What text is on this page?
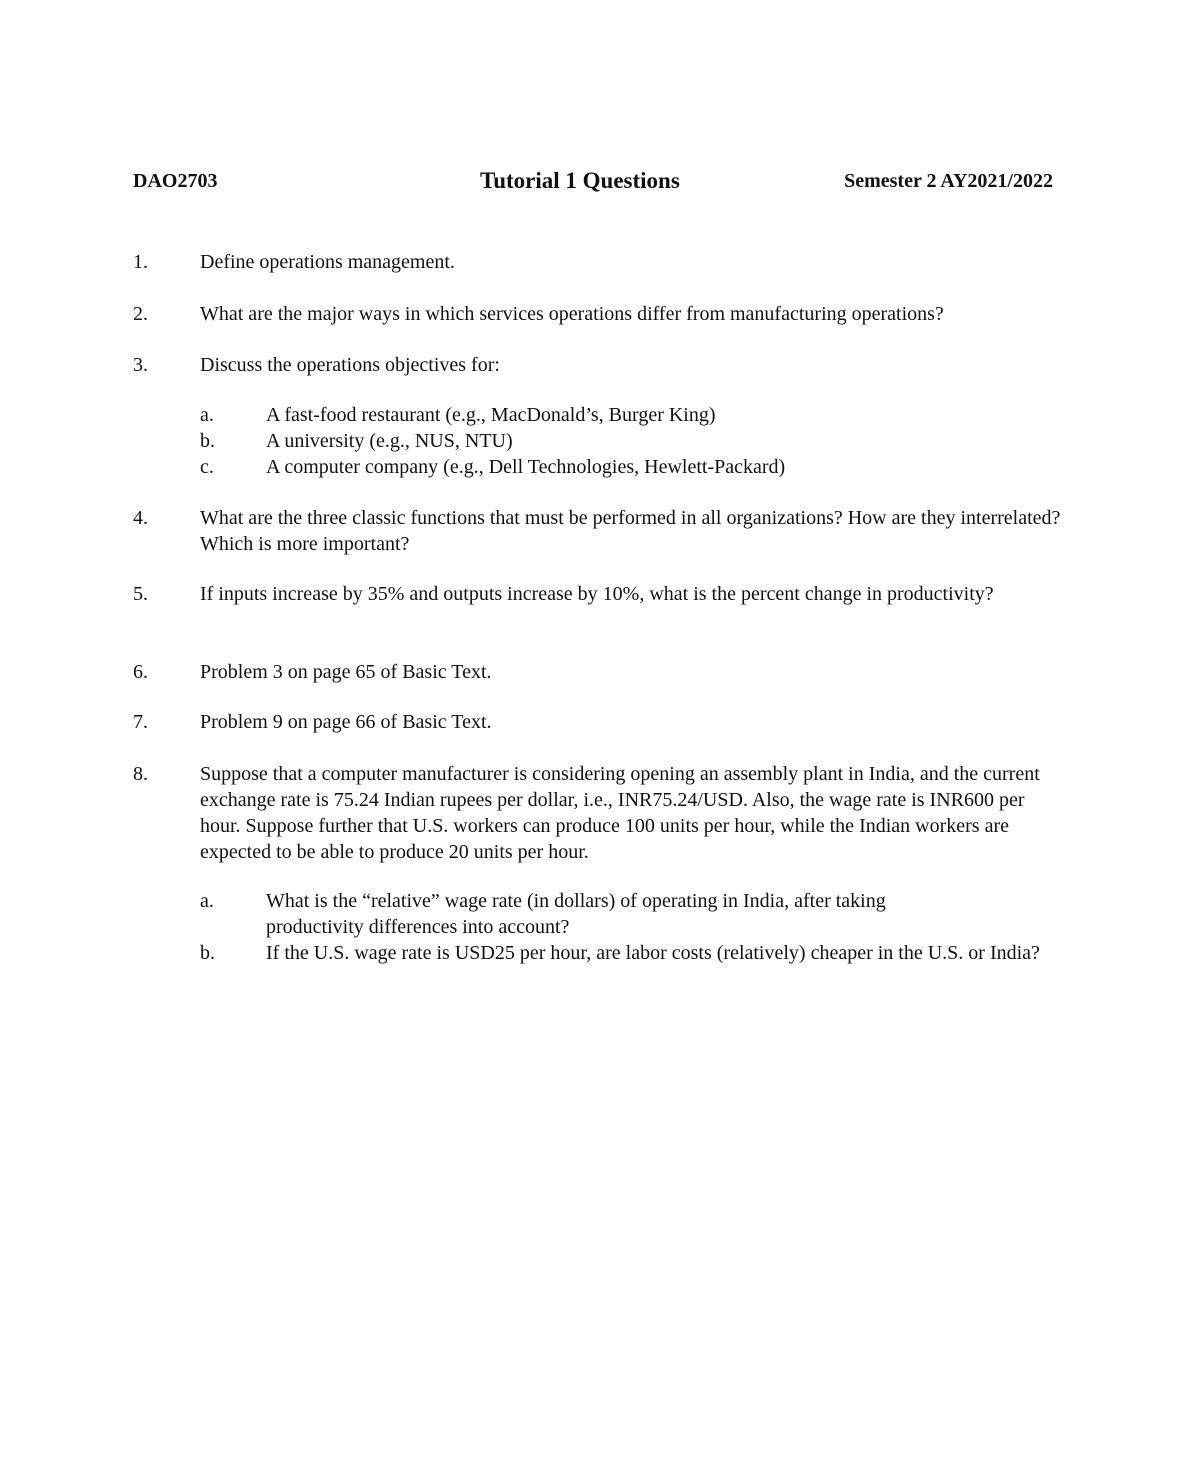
DAO2703	Tutorial 1 Questions	Semester 2 AY2021/2022
1.	Define operations management.
2.	What are the major ways in which services operations differ from manufacturing operations?
3.	Discuss the operations objectives for:
a.	A fast-food restaurant (e.g., MacDonald’s, Burger King)
b.	A university (e.g., NUS, NTU)
c.	A computer company (e.g., Dell Technologies, Hewlett-Packard)
4.	What are the three classic functions that must be performed in all organizations? How are they interrelated? Which is more important?
5.	If inputs increase by 35% and outputs increase by 10%, what is the percent change in productivity?
6.	Problem 3 on page 65 of Basic Text.
7.	Problem 9 on page 66 of Basic Text.
8.	Suppose that a computer manufacturer is considering opening an assembly plant in India, and the current exchange rate is 75.24 Indian rupees per dollar, i.e., INR75.24/USD. Also, the wage rate is INR600 per hour. Suppose further that U.S. workers can produce 100 units per hour, while the Indian workers are expected to be able to produce 20 units per hour.
a.	What is the “relative” wage rate (in dollars) of operating in India, after taking productivity differences into account?
b.	If the U.S. wage rate is USD25 per hour, are labor costs (relatively) cheaper in the U.S. or India?
